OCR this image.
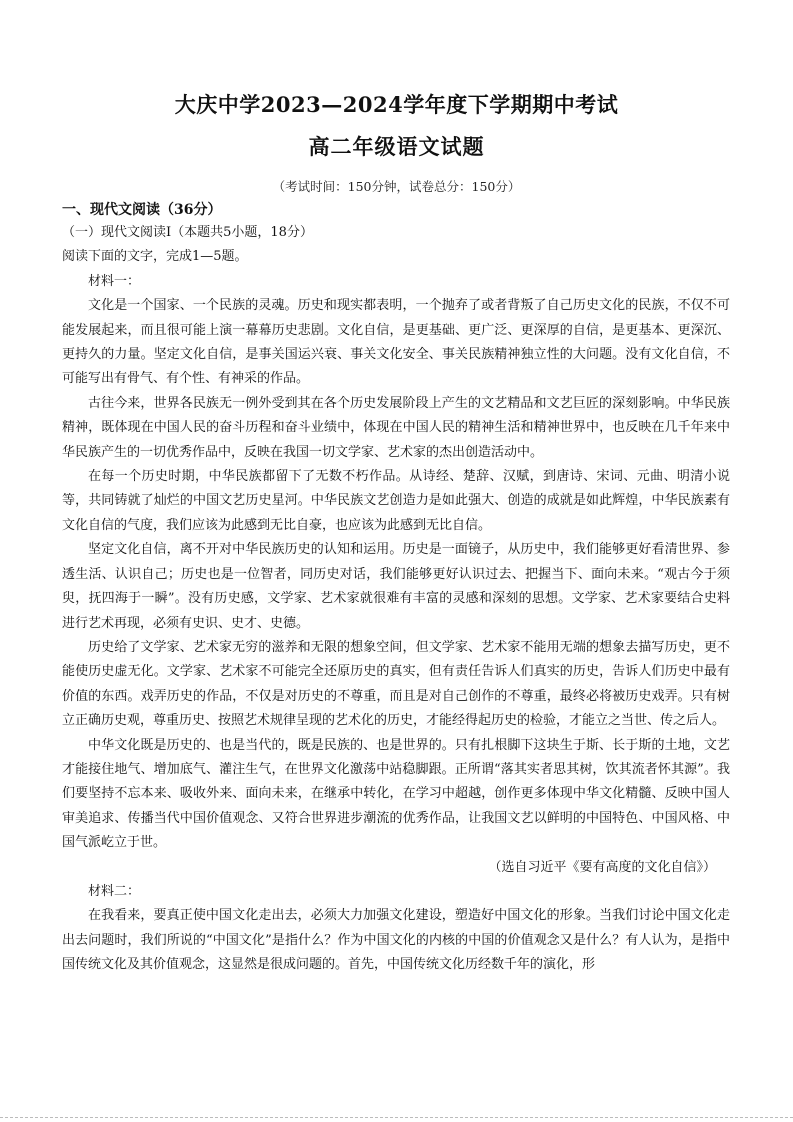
大庆中学2023—2024学年度下学期期中考试
高二年级语文试题
（考试时间：150分钟，试卷总分：150分）

一、现代文阅读（36分）

（一）现代文阅读Ⅰ（本题共5小题，18分）

阅读下面的文字，完成1—5题。

材料一：

文化是一个国家、一个民族的灵魂。历史和现实都表明，一个抛弃了或者背叛了自己历史文化的民族，不仅不可能发展起来，而且很可能上演一幕幕历史悲剧。文化自信，是更基础、更广泛、更深厚的自信，是更基本、更深沉、更持久的力量。坚定文化自信，是事关国运兴衰、事关文化安全、事关民族精神独立性的大问题。没有文化自信，不可能写出有骨气、有个性、有神采的作品。

古往今来，世界各民族无一例外受到其在各个历史发展阶段上产生的文艺精品和文艺巨匠的深刻影响。中华民族精神，既体现在中国人民的奋斗历程和奋斗业绩中，体现在中国人民的精神生活和精神世界中，也反映在几千年来中华民族产生的一切优秀作品中，反映在我国一切文学家、艺术家的杰出创造活动中。

在每一个历史时期，中华民族都留下了无数不朽作品。从诗经、楚辞、汉赋，到唐诗、宋词、元曲、明清小说等，共同铸就了灿烂的中国文艺历史星河。中华民族文艺创造力是如此强大、创造的成就是如此辉煌，中华民族素有文化自信的气度，我们应该为此感到无比自豪，也应该为此感到无比自信。

坚定文化自信，离不开对中华民族历史的认知和运用。历史是一面镜子，从历史中，我们能够更好看清世界、参透生活、认识自己；历史也是一位智者，同历史对话，我们能够更好认识过去、把握当下、面向未来。“观古今于须臾，抚四海于一瞬”。没有历史感，文学家、艺术家就很难有丰富的灵感和深刻的思想。文学家、艺术家要结合史料进行艺术再现，必须有史识、史才、史德。

历史给了文学家、艺术家无穷的滋养和无限的想象空间，但文学家、艺术家不能用无端的想象去描写历史，更不能使历史虚无化。文学家、艺术家不可能完全还原历史的真实，但有责任告诉人们真实的历史，告诉人们历史中最有价值的东西。戏弄历史的作品，不仅是对历史的不尊重，而且是对自己创作的不尊重，最终必将被历史戏弄。只有树立正确历史观，尊重历史、按照艺术规律呈现的艺术化的历史，才能经得起历史的检验，才能立之当世、传之后人。

中华文化既是历史的、也是当代的，既是民族的、也是世界的。只有扎根脚下这块生于斯、长于斯的土地，文艺才能接住地气、增加底气、灌注生气，在世界文化激荡中站稳脚跟。正所谓“落其实者思其树，饮其流者怀其源”。我们要坚持不忘本来、吸收外来、面向未来，在继承中转化，在学习中超越，创作更多体现中华文化精髓、反映中国人审美追求、传播当代中国价值观念、又符合世界进步潮流的优秀作品，让我国文艺以鲜明的中国特色、中国风格、中国气派屹立于世。

（选自习近平《要有高度的文化自信》）

材料二：

在我看来，要真正使中国文化走出去，必须大力加强文化建设，塑造好中国文化的形象。当我们讨论中国文化走出去问题时，我们所说的“中国文化”是指什么？作为中国文化的内核的中国的价值观念又是什么？有人认为，是指中国传统文化及其价值观念，这显然是很成问题的。首先，中国传统文化历经数千年的演化，形
